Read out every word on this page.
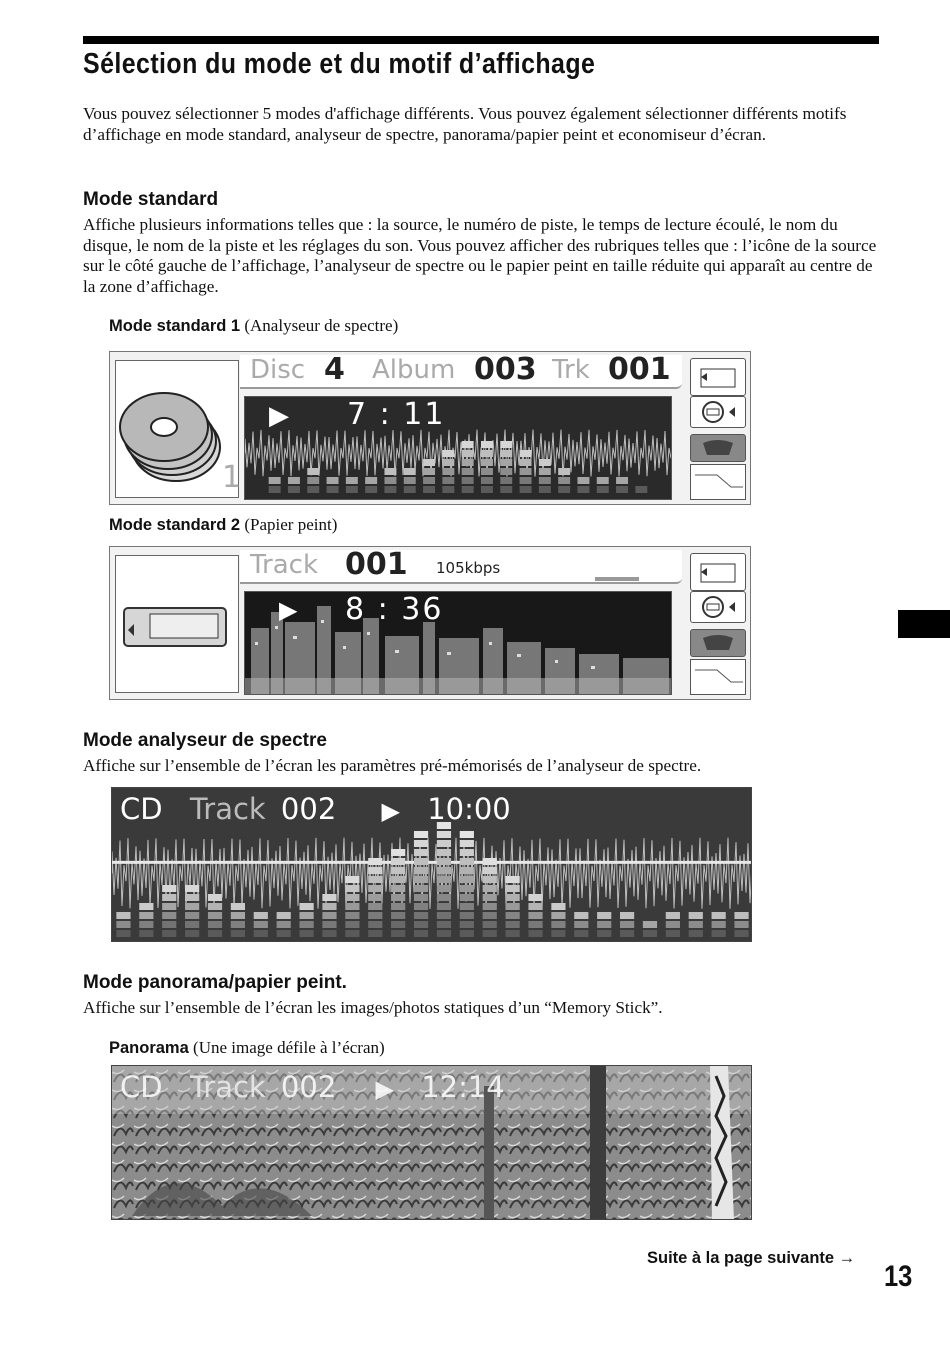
Sélection du mode et du motif d’affichage

Vous pouvez sélectionner 5 modes d'affichage différents. Vous pouvez également sélectionner différents motifs d’affichage en mode standard, analyseur de spectre, panorama/papier peint et economiseur d’écran.

Mode standard

Affiche plusieurs informations telles que : la source, le numéro de piste, le temps de lecture écoulé, le nom du disque, le nom de la piste et les réglages du son. Vous pouvez afficher des rubriques telles que : l’icône de la source sur le côté gauche de l’affichage, l’analyseur de spectre ou le papier peint en taille réduite qui apparaît au centre de la zone d’affichage.

Mode standard 1 (Analyseur de spectre)

1
Disc 4 Album 003 Trk 001
▶ 7 : 11

Mode standard 2 (Papier peint)

Track 001 105kbps
▶ 8 : 36
Mode analyseur de spectre

Affiche sur l’ensemble de l’écran les paramètres pré-mémorisés de l’analyseur de spectre.

CD Track 002 ▶ 10:00
Mode panorama/papier peint.

Affiche sur l’ensemble de l’écran les images/photos statiques d’un “Memory Stick”.

Panorama (Une image défile à l’écran)

CD Track 002 ▶ 12:14
Suite à la page suivante →
13
